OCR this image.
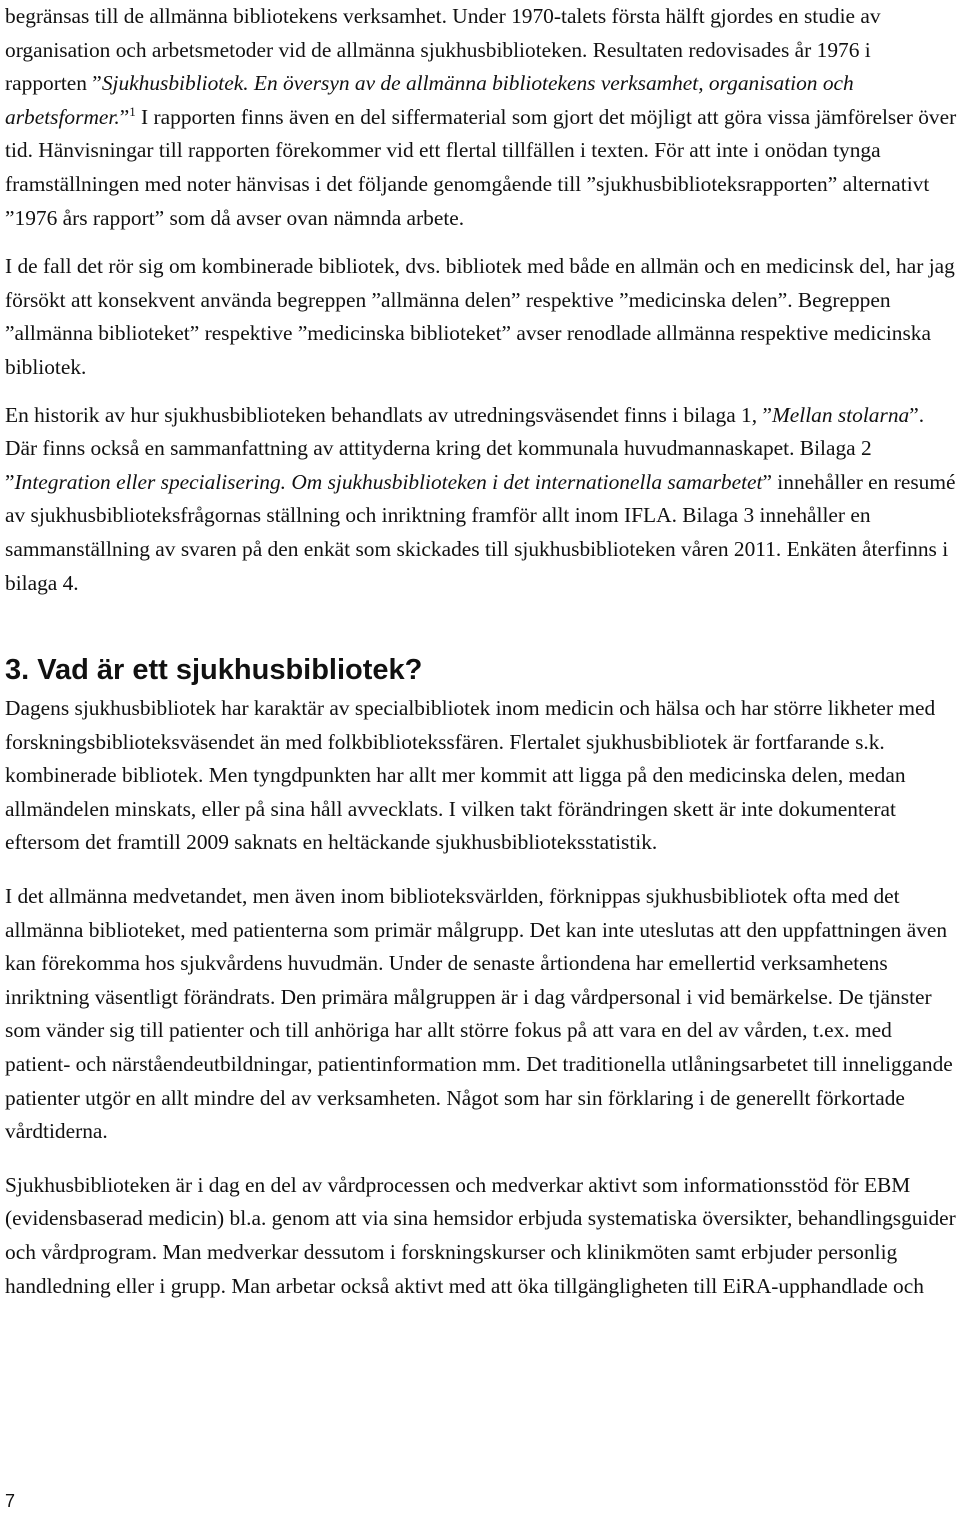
begränsas till de allmänna bibliotekens verksamhet. Under 1970-talets första hälft gjordes en studie av organisation och arbetsmetoder vid de allmänna sjukhusbiblioteken. Resultaten redovisades år 1976 i rapporten ”Sjukhusbibliotek. En översyn av de allmänna bibliotekens verksamhet, organisation och arbetsformer.”$^1$ I rapporten finns även en del siffermaterial som gjort det möjligt att göra vissa jämförelser över tid. Hänvisningar till rapporten förekommer vid ett flertal tillfällen i texten. För att inte i onödan tynga framställningen med noter hänvisas i det följande genomgående till ”sjukhusbiblioteksrapporten” alternativt ”1976 års rapport” som då avser ovan nämnda arbete.

I de fall det rör sig om kombinerade bibliotek, dvs. bibliotek med både en allmän och en medicinsk del, har jag försökt att konsekvent använda begreppen ”allmänna delen” respektive ”medicinska delen”. Begreppen ”allmänna biblioteket” respektive ”medicinska biblioteket” avser renodlade allmänna respektive medicinska bibliotek.

En historik av hur sjukhusbiblioteken behandlats av utredningsväsendet finns i bilaga 1, ”Mellan stolarna”. Där finns också en sammanfattning av attityderna kring det kommunala huvudmannaskapet. Bilaga 2 ”Integration eller specialisering. Om sjukhusbiblioteken i det internationella samarbetet” innehåller en resumé av sjukhusbiblioteksfrågornas ställning och inriktning framför allt inom IFLA. Bilaga 3 innehåller en sammanställning av svaren på den enkät som skickades till sjukhusbiblioteken våren 2011. Enkäten återfinns i bilaga 4.

3. Vad är ett sjukhusbibliotek?

Dagens sjukhusbibliotek har karaktär av specialbibliotek inom medicin och hälsa och har större likheter med forskningsbiblioteksväsendet än med folkbibliotekssfären. Flertalet sjukhusbibliotek är fortfarande s.k. kombinerade bibliotek. Men tyngdpunkten har allt mer kommit att ligga på den medicinska delen, medan allmändelen minskats, eller på sina håll avvecklats. I vilken takt förändringen skett är inte dokumenterat eftersom det framtill 2009 saknats en heltäckande sjukhusbiblioteksstatistik.

I det allmänna medvetandet, men även inom biblioteksvärlden, förknippas sjukhusbibliotek ofta med det allmänna biblioteket, med patienterna som primär målgrupp. Det kan inte uteslutas att den uppfattningen även kan förekomma hos sjukvårdens huvudmän. Under de senaste årtiondena har emellertid verksamhetens inriktning väsentligt förändrats. Den primära målgruppen är i dag vårdpersonal i vid bemärkelse. De tjänster som vänder sig till patienter och till anhöriga har allt större fokus på att vara en del av vården, t.ex. med patient- och närståendeutbildningar, patientinformation mm. Det traditionella utlåningsarbetet till inneliggande patienter utgör en allt mindre del av verksamheten. Något som har sin förklaring i de generellt förkortade vårdtiderna.

Sjukhusbiblioteken är i dag en del av vårdprocessen och medverkar aktivt som informationsstöd för EBM (evidensbaserad medicin) bl.a. genom att via sina hemsidor erbjuda systematiska översikter, behandlingsguider och vårdprogram. Man medverkar dessutom i forskningskurser och klinikmöten samt erbjuder personlig handledning eller i grupp. Man arbetar också aktivt med att öka tillgängligheten till EiRA-upphandlade och

7
